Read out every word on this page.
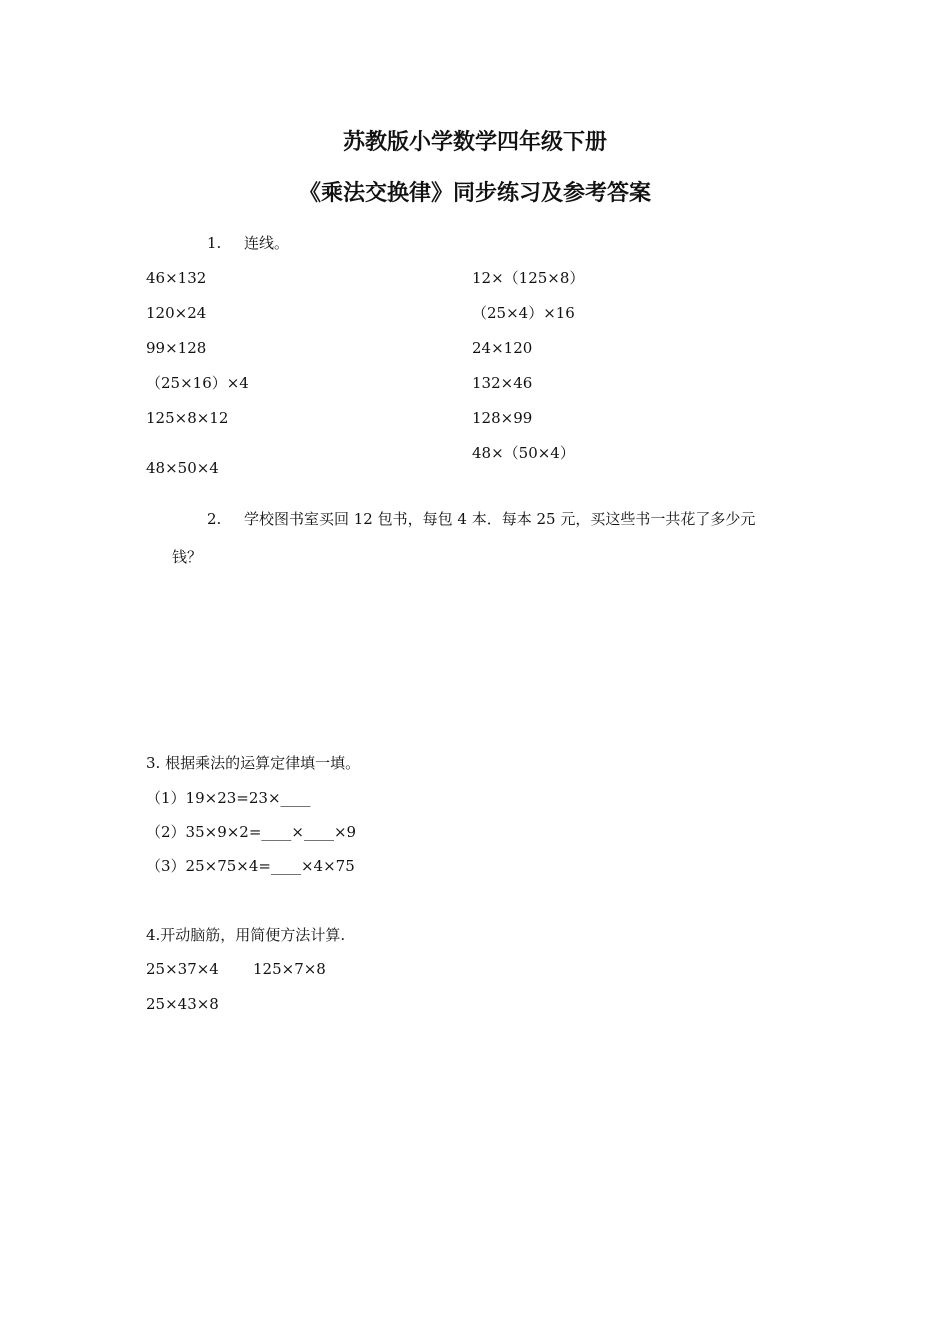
苏教版小学数学四年级下册
《乘法交换律》同步练习及参考答案
1. 连线。
46×132
120×24
99×128
（25×16）×4
125×8×12
48×50×4
12×（125×8）
（25×4）×16
24×120
132×46
128×99
48×（50×4）
2. 学校图书室买回 12 包书，每包 4 本．每本 25 元，买这些书一共花了多少元
钱？
3. 根据乘法的运算定律填一填。
（1）19×23=23×____
（2）35×9×2=____×____×9
（3）25×75×4=____×4×75
4.开动脑筋，用简便方法计算.
25×37×4 125×7×8
25×43×8
